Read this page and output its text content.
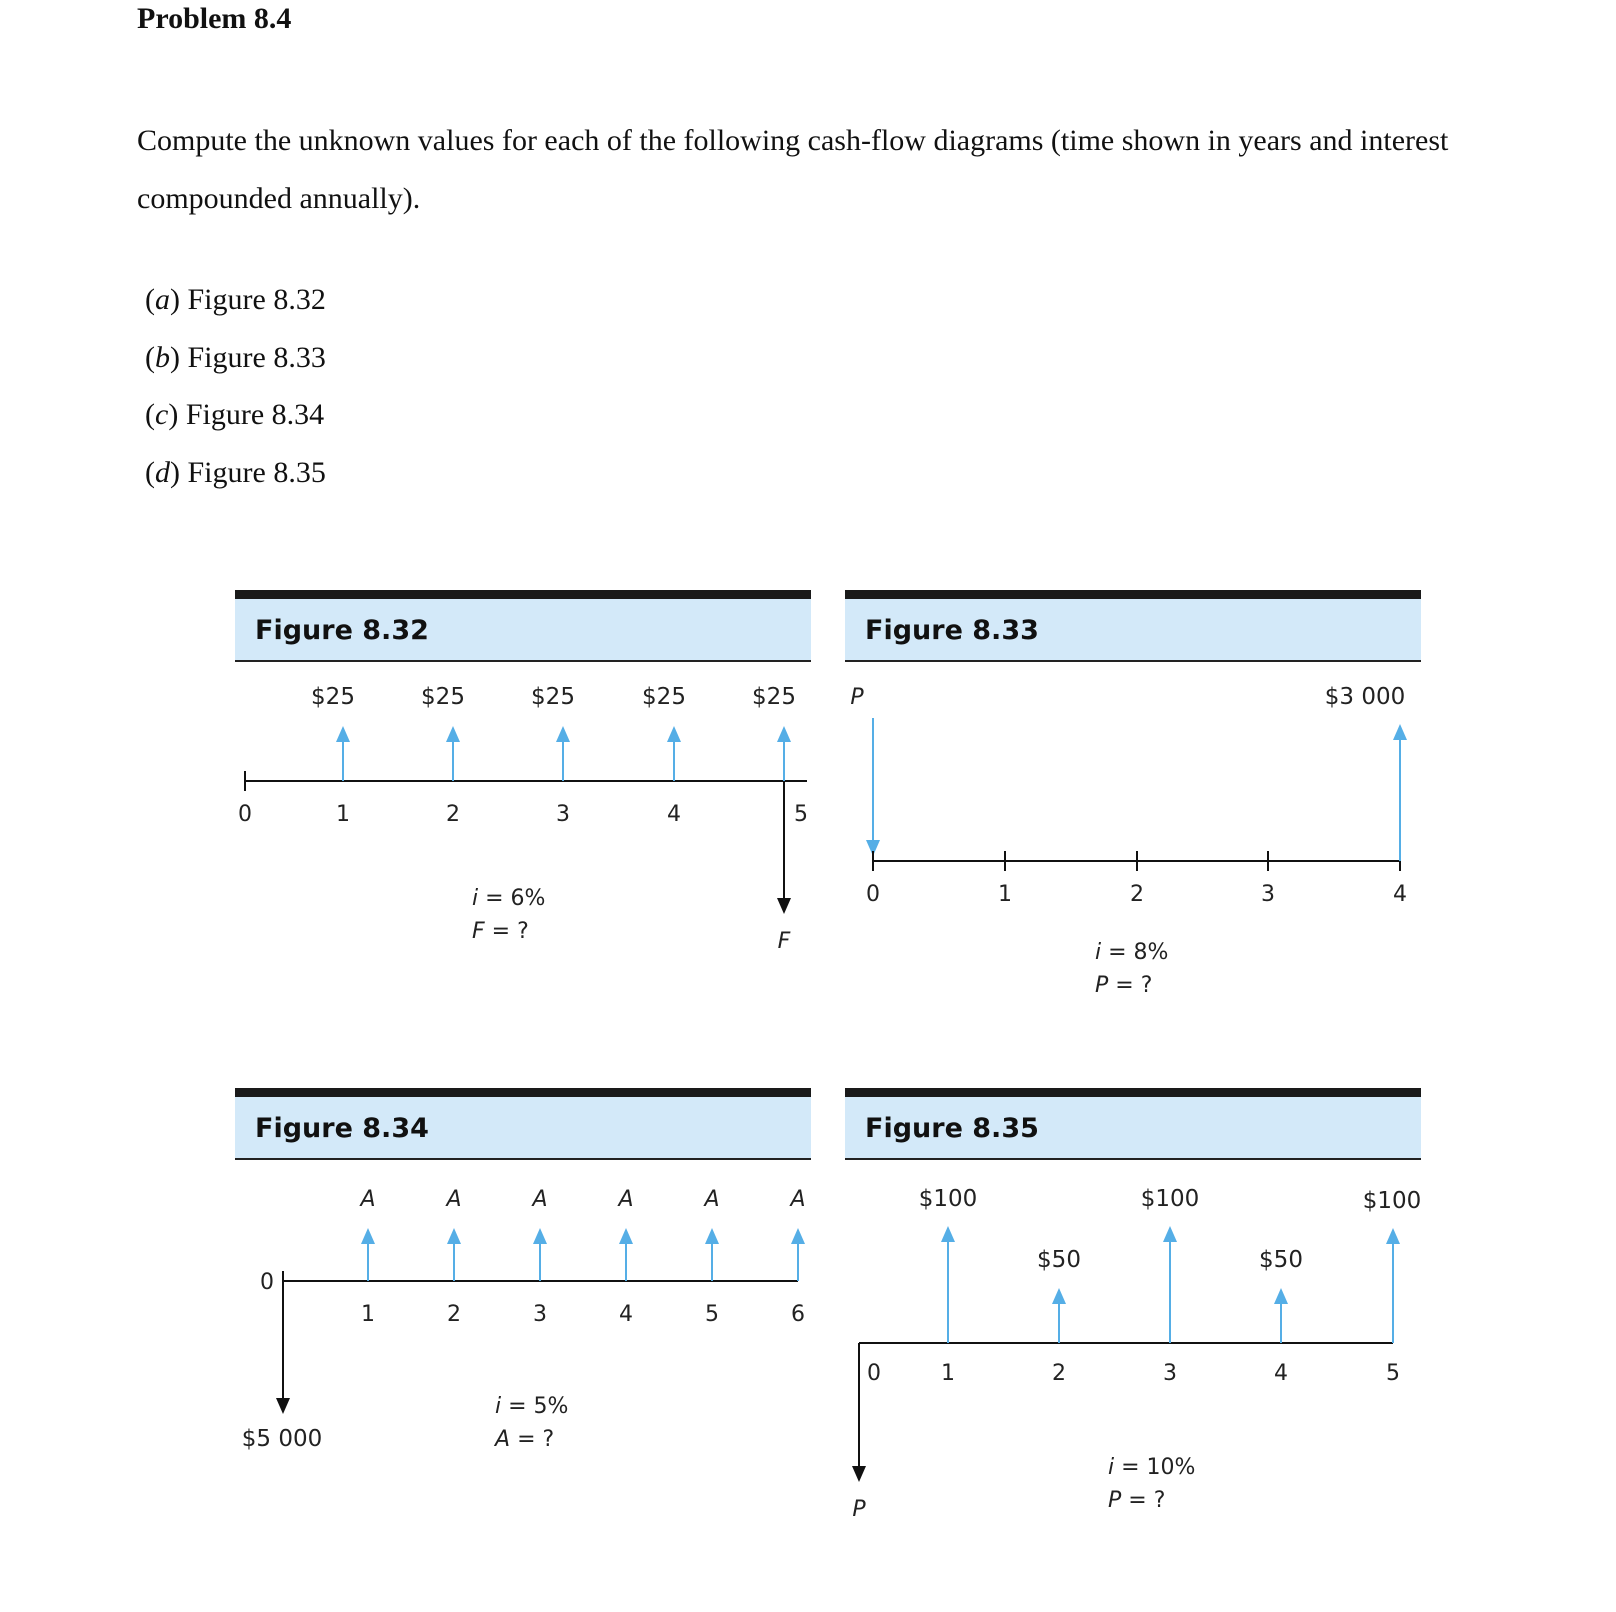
Problem 8.4

Compute the unknown values for each of the following cash-flow diagrams (time shown in years and interest compounded annually).

(a) Figure 8.32
(b) Figure 8.33
(c) Figure 8.34
(d) Figure 8.35
Figure 8.32
0
$25
1
$25
2
$25
3
$25
4
$25
5
F
i = 6%
F = ?
Figure 8.33
P
0	1	2	3	4
$3 000
i = 8%
P = ?
Figure 8.34
0
$5 000
A
1
A
2
A
3
A
4
A
5
A
6
i = 5%
A = ?
Figure 8.35
P
0
$100
1
$50
2
$100
3
$50
4
$100
5
i = 10%
P = ?
